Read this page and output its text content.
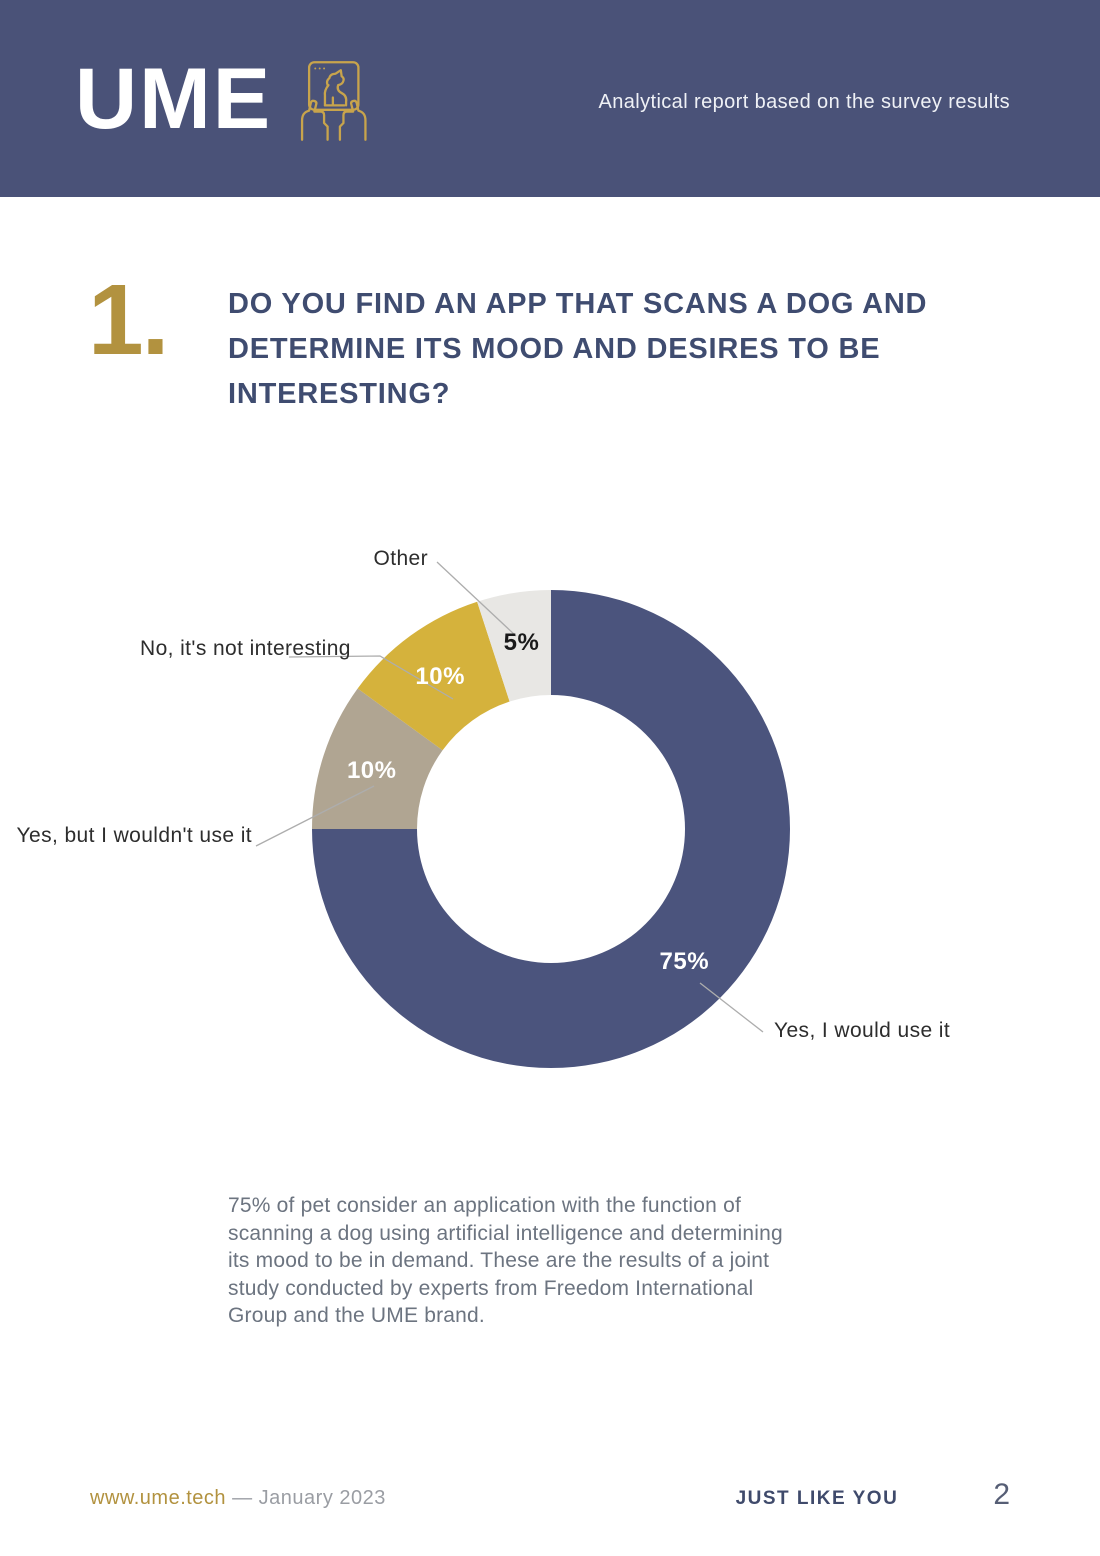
UME	Analytical report based on the survey results
1.	DO YOU FIND AN APP THAT SCANS A DOG AND DETERMINE ITS MOOD AND DESIRES TO BE INTERESTING?
Other
No, it's not interesting
Yes, but I wouldn't use it
Yes, I would use it
75%
10%
10%
5%
75% of pet consider an application with the function of scanning a dog using artificial intelligence and determining its mood to be in demand. These are the results of a joint study conducted by experts from Freedom International Group and the UME brand.
www.ume.tech — January 2023	JUST LIKE YOU	2
